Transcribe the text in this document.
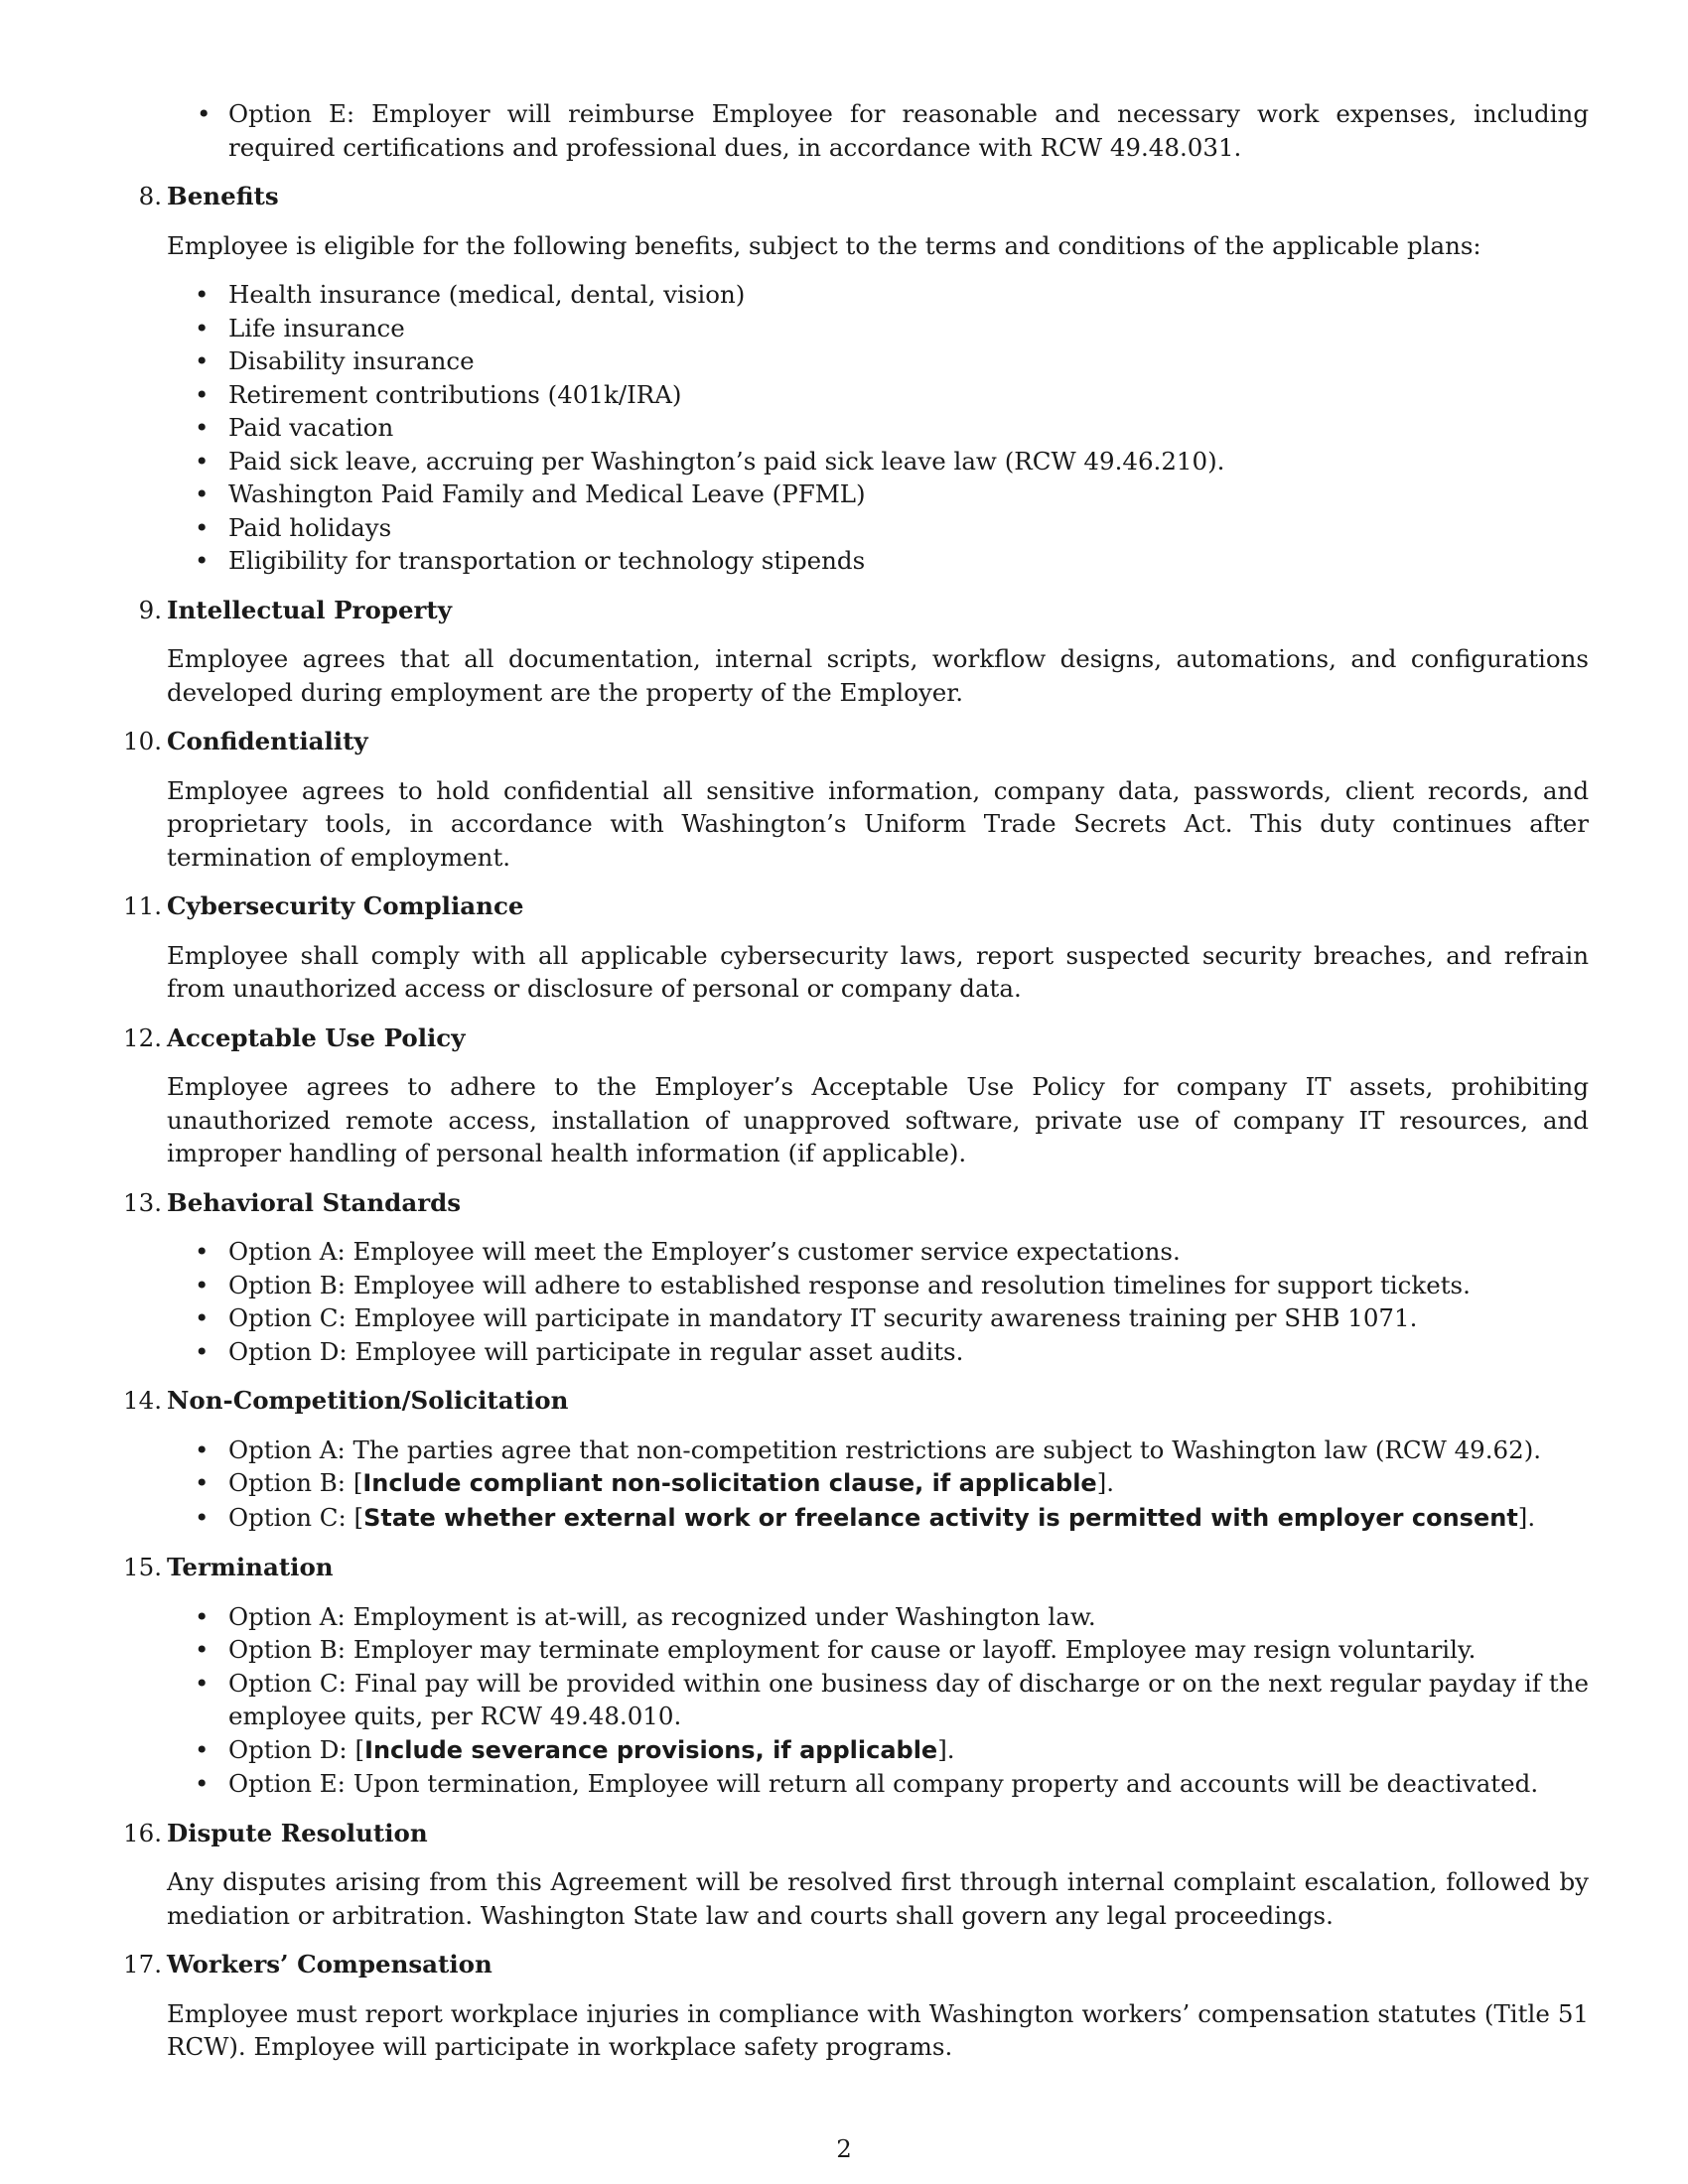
• Option E: Employer will reimburse Employee for reasonable and necessary work expenses, including required certifications and professional dues, in accordance with RCW 49.48.031.
8. Benefits
Employee is eligible for the following benefits, subject to the terms and conditions of the applicable plans:
• Health insurance (medical, dental, vision)
• Life insurance
• Disability insurance
• Retirement contributions (401k/IRA)
• Paid vacation
• Paid sick leave, accruing per Washington’s paid sick leave law (RCW 49.46.210).
• Washington Paid Family and Medical Leave (PFML)
• Paid holidays
• Eligibility for transportation or technology stipends
9. Intellectual Property
Employee agrees that all documentation, internal scripts, workflow designs, automations, and configurations developed during employment are the property of the Employer.
10. Confidentiality
Employee agrees to hold confidential all sensitive information, company data, passwords, client records, and proprietary tools, in accordance with Washington’s Uniform Trade Secrets Act. This duty continues after termination of employment.
11. Cybersecurity Compliance
Employee shall comply with all applicable cybersecurity laws, report suspected security breaches, and refrain from unauthorized access or disclosure of personal or company data.
12. Acceptable Use Policy
Employee agrees to adhere to the Employer’s Acceptable Use Policy for company IT assets, prohibiting unauthorized remote access, installation of unapproved software, private use of company IT resources, and improper handling of personal health information (if applicable).
13. Behavioral Standards
• Option A: Employee will meet the Employer’s customer service expectations.
• Option B: Employee will adhere to established response and resolution timelines for support tickets.
• Option C: Employee will participate in mandatory IT security awareness training per SHB 1071.
• Option D: Employee will participate in regular asset audits.
14. Non-Competition/Solicitation
• Option A: The parties agree that non-competition restrictions are subject to Washington law (RCW 49.62).
• Option B: [Include compliant non-solicitation clause, if applicable].
• Option C: [State whether external work or freelance activity is permitted with employer consent].
15. Termination
• Option A: Employment is at-will, as recognized under Washington law.
• Option B: Employer may terminate employment for cause or layoff. Employee may resign voluntarily.
• Option C: Final pay will be provided within one business day of discharge or on the next regular payday if the employee quits, per RCW 49.48.010.
• Option D: [Include severance provisions, if applicable].
• Option E: Upon termination, Employee will return all company property and accounts will be deactivated.
16. Dispute Resolution
Any disputes arising from this Agreement will be resolved first through internal complaint escalation, followed by mediation or arbitration. Washington State law and courts shall govern any legal proceedings.
17. Workers’ Compensation
Employee must report workplace injuries in compliance with Washington workers’ compensation statutes (Title 51 RCW). Employee will participate in workplace safety programs.
2
